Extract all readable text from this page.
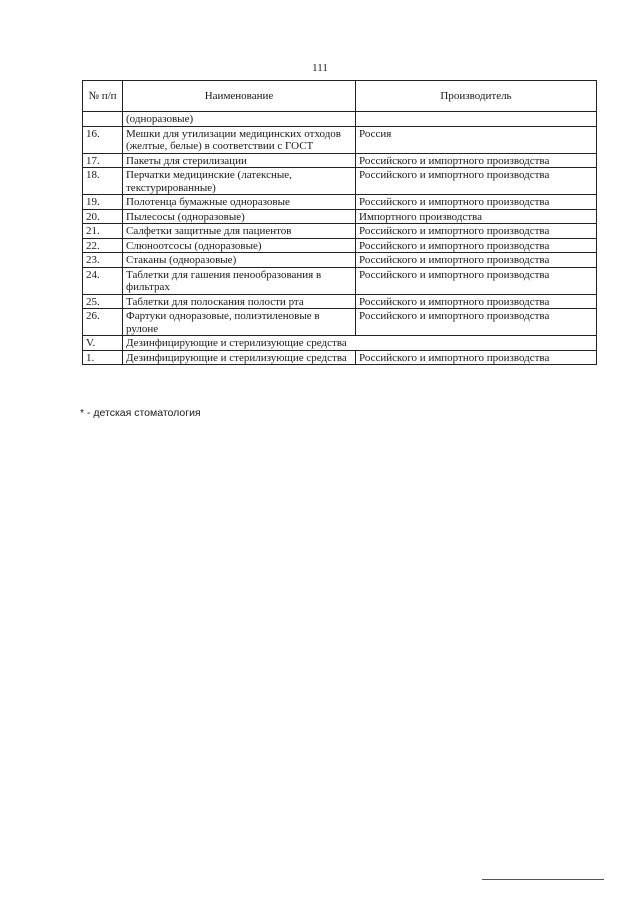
111
№ п/п	Наименование	Производитель
	(одноразовые)	
16.	Мешки для утилизации медицинских отходов (желтые, белые) в соответствии с ГОСТ	Россия
17.	Пакеты для стерилизации	Российского и импортного производства
18.	Перчатки медицинские (латексные, текстурированные)	Российского и импортного производства
19.	Полотенца бумажные одноразовые	Российского и импортного производства
20.	Пылесосы (одноразовые)	Импортного производства
21.	Салфетки защитные для пациентов	Российского и импортного производства
22.	Слюноотсосы (одноразовые)	Российского и импортного производства
23.	Стаканы (одноразовые)	Российского и импортного производства
24.	Таблетки для гашения пенообразования в фильтрах	Российского и импортного производства
25.	Таблетки для полоскания полости рта	Российского и импортного производства
26.	Фартуки одноразовые, полиэтиленовые в рулоне	Российского и импортного производства
V.	Дезинфицирующие и стерилизующие средства	
1.	Дезинфицирующие и стерилизующие средства	Российского и импортного производства
* - детская стоматология
